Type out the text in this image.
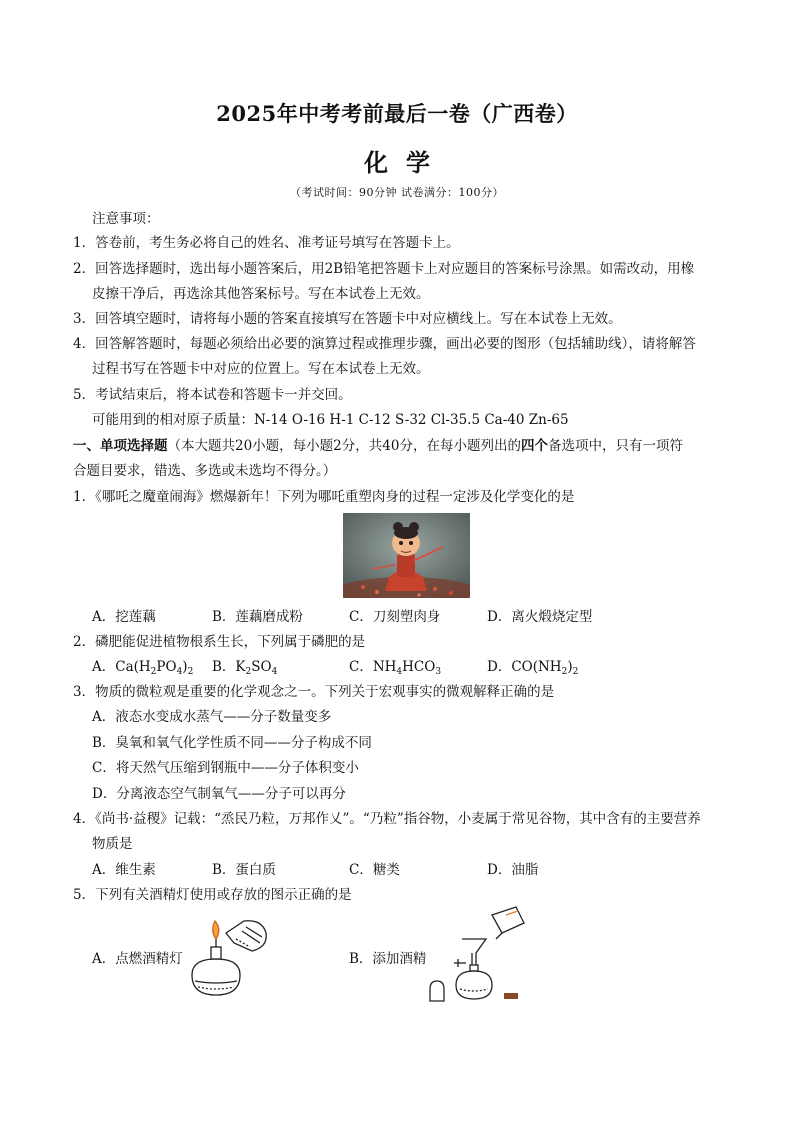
2025年中考考前最后一卷（广西卷）
化学
（考试时间：90分钟 试卷满分：100分）
注意事项：
1．答卷前，考生务必将自己的姓名、准考证号填写在答题卡上。
2．回答选择题时，选出每小题答案后，用2B铅笔把答题卡上对应题目的答案标号涂黑。如需改动，用橡
皮擦干净后，再选涂其他答案标号。写在本试卷上无效。
3．回答填空题时，请将每小题的答案直接填写在答题卡中对应横线上。写在本试卷上无效。
4．回答解答题时，每题必须给出必要的演算过程或推理步骤，画出必要的图形（包括辅助线），请将解答
过程书写在答题卡中对应的位置上。写在本试卷上无效。
5．考试结束后，将本试卷和答题卡一并交回。
可能用到的相对原子质量：N-14 O-16 H-1 C-12 S-32 Cl-35.5 Ca-40 Zn-65
一、单项选择题（本大题共20小题，每小题2分，共40分，在每小题列出的四个备选项中，只有一项符
合题目要求，错选、多选或未选均不得分。）
1．《哪吒之魔童闹海》燃爆新年！下列为哪吒重塑肉身的过程一定涉及化学变化的是
A．挖莲藕	B．莲藕磨成粉	C．刀刻塑肉身	D．离火煅烧定型
2．磷肥能促进植物根系生长，下列属于磷肥的是
A．$Ca(H_2PO_4)_2$ B．$K_2SO_4$	C．$NH_4HCO_3$	D．$CO(NH_2)_2$
3．物质的微粒观是重要的化学观念之一。下列关于宏观事实的微观解释正确的是
A．液态水变成水蒸气——分子数量变多
B．臭氧和氧气化学性质不同——分子构成不同
C．将天然气压缩到钢瓶中——分子体积变小
D．分离液态空气制氧气——分子可以再分
4．《尚书·益稷》记载：“烝民乃粒，万邦作乂”。“乃粒”指谷物，小麦属于常见谷物，其中含有的主要营养
物质是
A．维生素	B．蛋白质	C．糖类	D．油脂
5．下列有关酒精灯使用或存放的图示正确的是
A．点燃酒精灯	B．添加酒精
